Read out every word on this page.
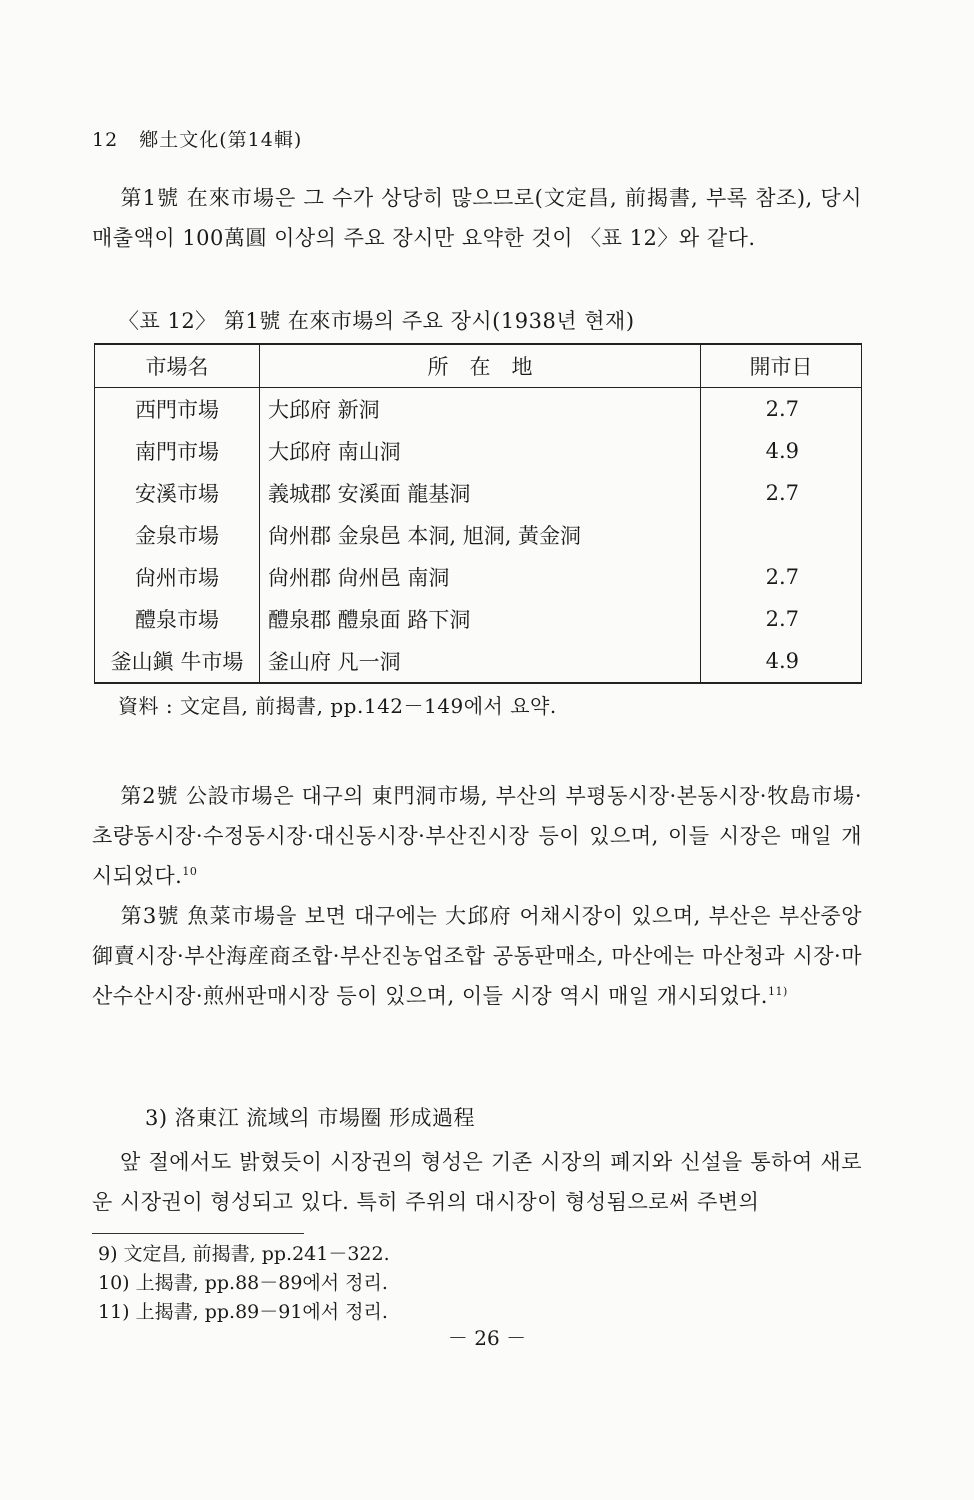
12 鄕土文化(第14輯)
第1號 在來市場은 그 수가 상당히 많으므로(文定昌, 前揭書, 부록 참조), 당시 매출액이 100萬圓 이상의 주요 장시만 요약한 것이 〈표 12〉와 같다.
〈표 12〉 第1號 在來市場의 주요 장시(1938년 현재)
市場名	所　在　地	開市日
西門市場	大邱府 新洞	2.7
南門市場	大邱府 南山洞	4.9
安溪市場	義城郡 安溪面 龍基洞	2.7
金泉市場	尙州郡 金泉邑 本洞, 旭洞, 黃金洞	
尙州市場	尙州郡 尙州邑 南洞	2.7
醴泉市場	醴泉郡 醴泉面 路下洞	2.7
釜山鎭 牛市場	釜山府 凡一洞	4.9
資料 : 文定昌, 前揭書, pp.142－149에서 요약.
第2號 公設市場은 대구의 東門洞市場, 부산의 부평동시장·본동시장·牧島市場·초량동시장·수정동시장·대신동시장·부산진시장 등이 있으며, 이들 시장은 매일 개시되었다.$^{10}$
第3號 魚菜市場을 보면 대구에는 大邱府 어채시장이 있으며, 부산은 부산중앙 御賣시장·부산海産商조합·부산진농업조합 공동판매소, 마산에는 마산청과 시장·마산수산시장·煎州판매시장 등이 있으며, 이들 시장 역시 매일 개시되었다.$^{11)}$
3) 洛東江 流域의 市場圈 形成過程
앞 절에서도 밝혔듯이 시장권의 형성은 기존 시장의 폐지와 신설을 통하여 새로운 시장권이 형성되고 있다. 특히 주위의 대시장이 형성됨으로써 주변의
9) 文定昌, 前揭書, pp.241－322.
10) 上揭書, pp.88－89에서 정리.
11) 上揭書, pp.89－91에서 정리.
－ 26 －
